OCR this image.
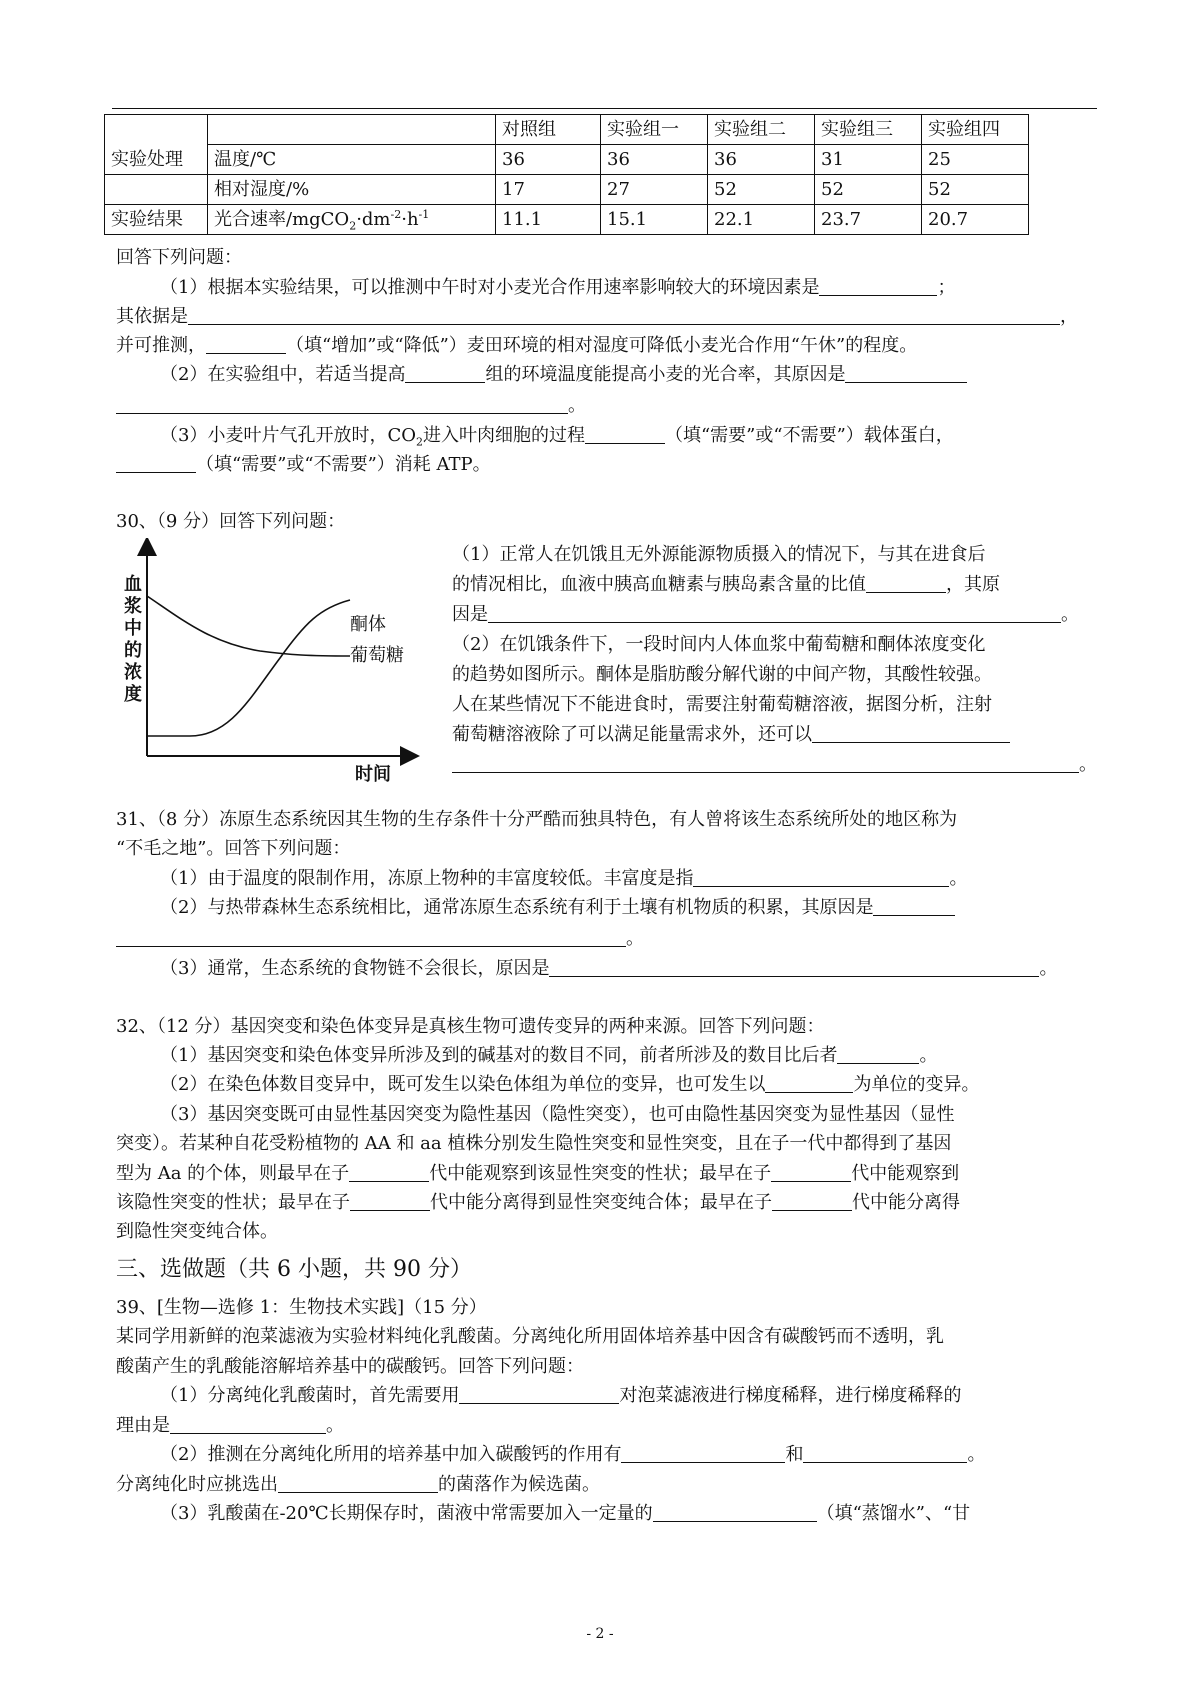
		对照组	实验组一	实验组二	实验组三	实验组四
实验处理	温度/℃	36	36	36	31	25
	相对湿度/%	17	27	52	52	52
实验结果	光合速率$/mgCO_2\cdot dm^{-2}\cdot h^{-1}$	11.1	15.1	22.1	23.7	20.7
回答下列问题：
（1）根据本实验结果，可以推测中午时对小麦光合作用速率影响较大的环境因素是	；
其依据是	，
并可推测，	（填“增加”或“降低”）麦田环境的相对湿度可降低小麦光合作用“午休”的程度。
（2）在实验组中，若适当提高	组的环境温度能提高小麦的光合率，其原因是
。
（3）小麦叶片气孔开放时，$CO_2$进入叶肉细胞的过程	（填“需要”或“不需要”）载体蛋白，
（填“需要”或“不需要”）消耗 ATP。
30、（9 分）回答下列问题：
血浆中的浓度
时间
酮体
葡萄糖
（1）正常人在饥饿且无外源能源物质摄入的情况下，与其在进食后
的情况相比，血液中胰高血糖素与胰岛素含量的比值	，其原
因是	。
（2）在饥饿条件下，一段时间内人体血浆中葡萄糖和酮体浓度变化
的趋势如图所示。酮体是脂肪酸分解代谢的中间产物，其酸性较强。
人在某些情况下不能进食时，需要注射葡萄糖溶液，据图分析，注射
葡萄糖溶液除了可以满足能量需求外，还可以
。
31、（8 分）冻原生态系统因其生物的生存条件十分严酷而独具特色，有人曾将该生态系统所处的地区称为
“不毛之地”。回答下列问题：
（1）由于温度的限制作用，冻原上物种的丰富度较低。丰富度是指	。
（2）与热带森林生态系统相比，通常冻原生态系统有利于土壤有机物质的积累，其原因是
。
（3）通常，生态系统的食物链不会很长，原因是	。
32、（12 分）基因突变和染色体变异是真核生物可遗传变异的两种来源。回答下列问题：
（1）基因突变和染色体变异所涉及到的碱基对的数目不同，前者所涉及的数目比后者	。
（2）在染色体数目变异中，既可发生以染色体组为单位的变异，也可发生以	为单位的变异。
（3）基因突变既可由显性基因突变为隐性基因（隐性突变），也可由隐性基因突变为显性基因（显性
突变）。若某种自花受粉植物的 AA 和 aa 植株分别发生隐性突变和显性突变，且在子一代中都得到了基因
型为 Aa 的个体，则最早在子	代中能观察到该显性突变的性状；最早在子	代中能观察到
该隐性突变的性状；最早在子	代中能分离得到显性突变纯合体；最早在子	代中能分离得
到隐性突变纯合体。
三、选做题（共 6 小题，共 90 分）
39、[生物—选修 1：生物技术实践]（15 分）
某同学用新鲜的泡菜滤液为实验材料纯化乳酸菌。分离纯化所用固体培养基中因含有碳酸钙而不透明，乳
酸菌产生的乳酸能溶解培养基中的碳酸钙。回答下列问题：
（1）分离纯化乳酸菌时，首先需要用	对泡菜滤液进行梯度稀释，进行梯度稀释的
理由是	。
（2）推测在分离纯化所用的培养基中加入碳酸钙的作用有	和	。
分离纯化时应挑选出	的菌落作为候选菌。
（3）乳酸菌在-20℃长期保存时，菌液中常需要加入一定量的	（填“蒸馏水”、“甘
- 2 -
